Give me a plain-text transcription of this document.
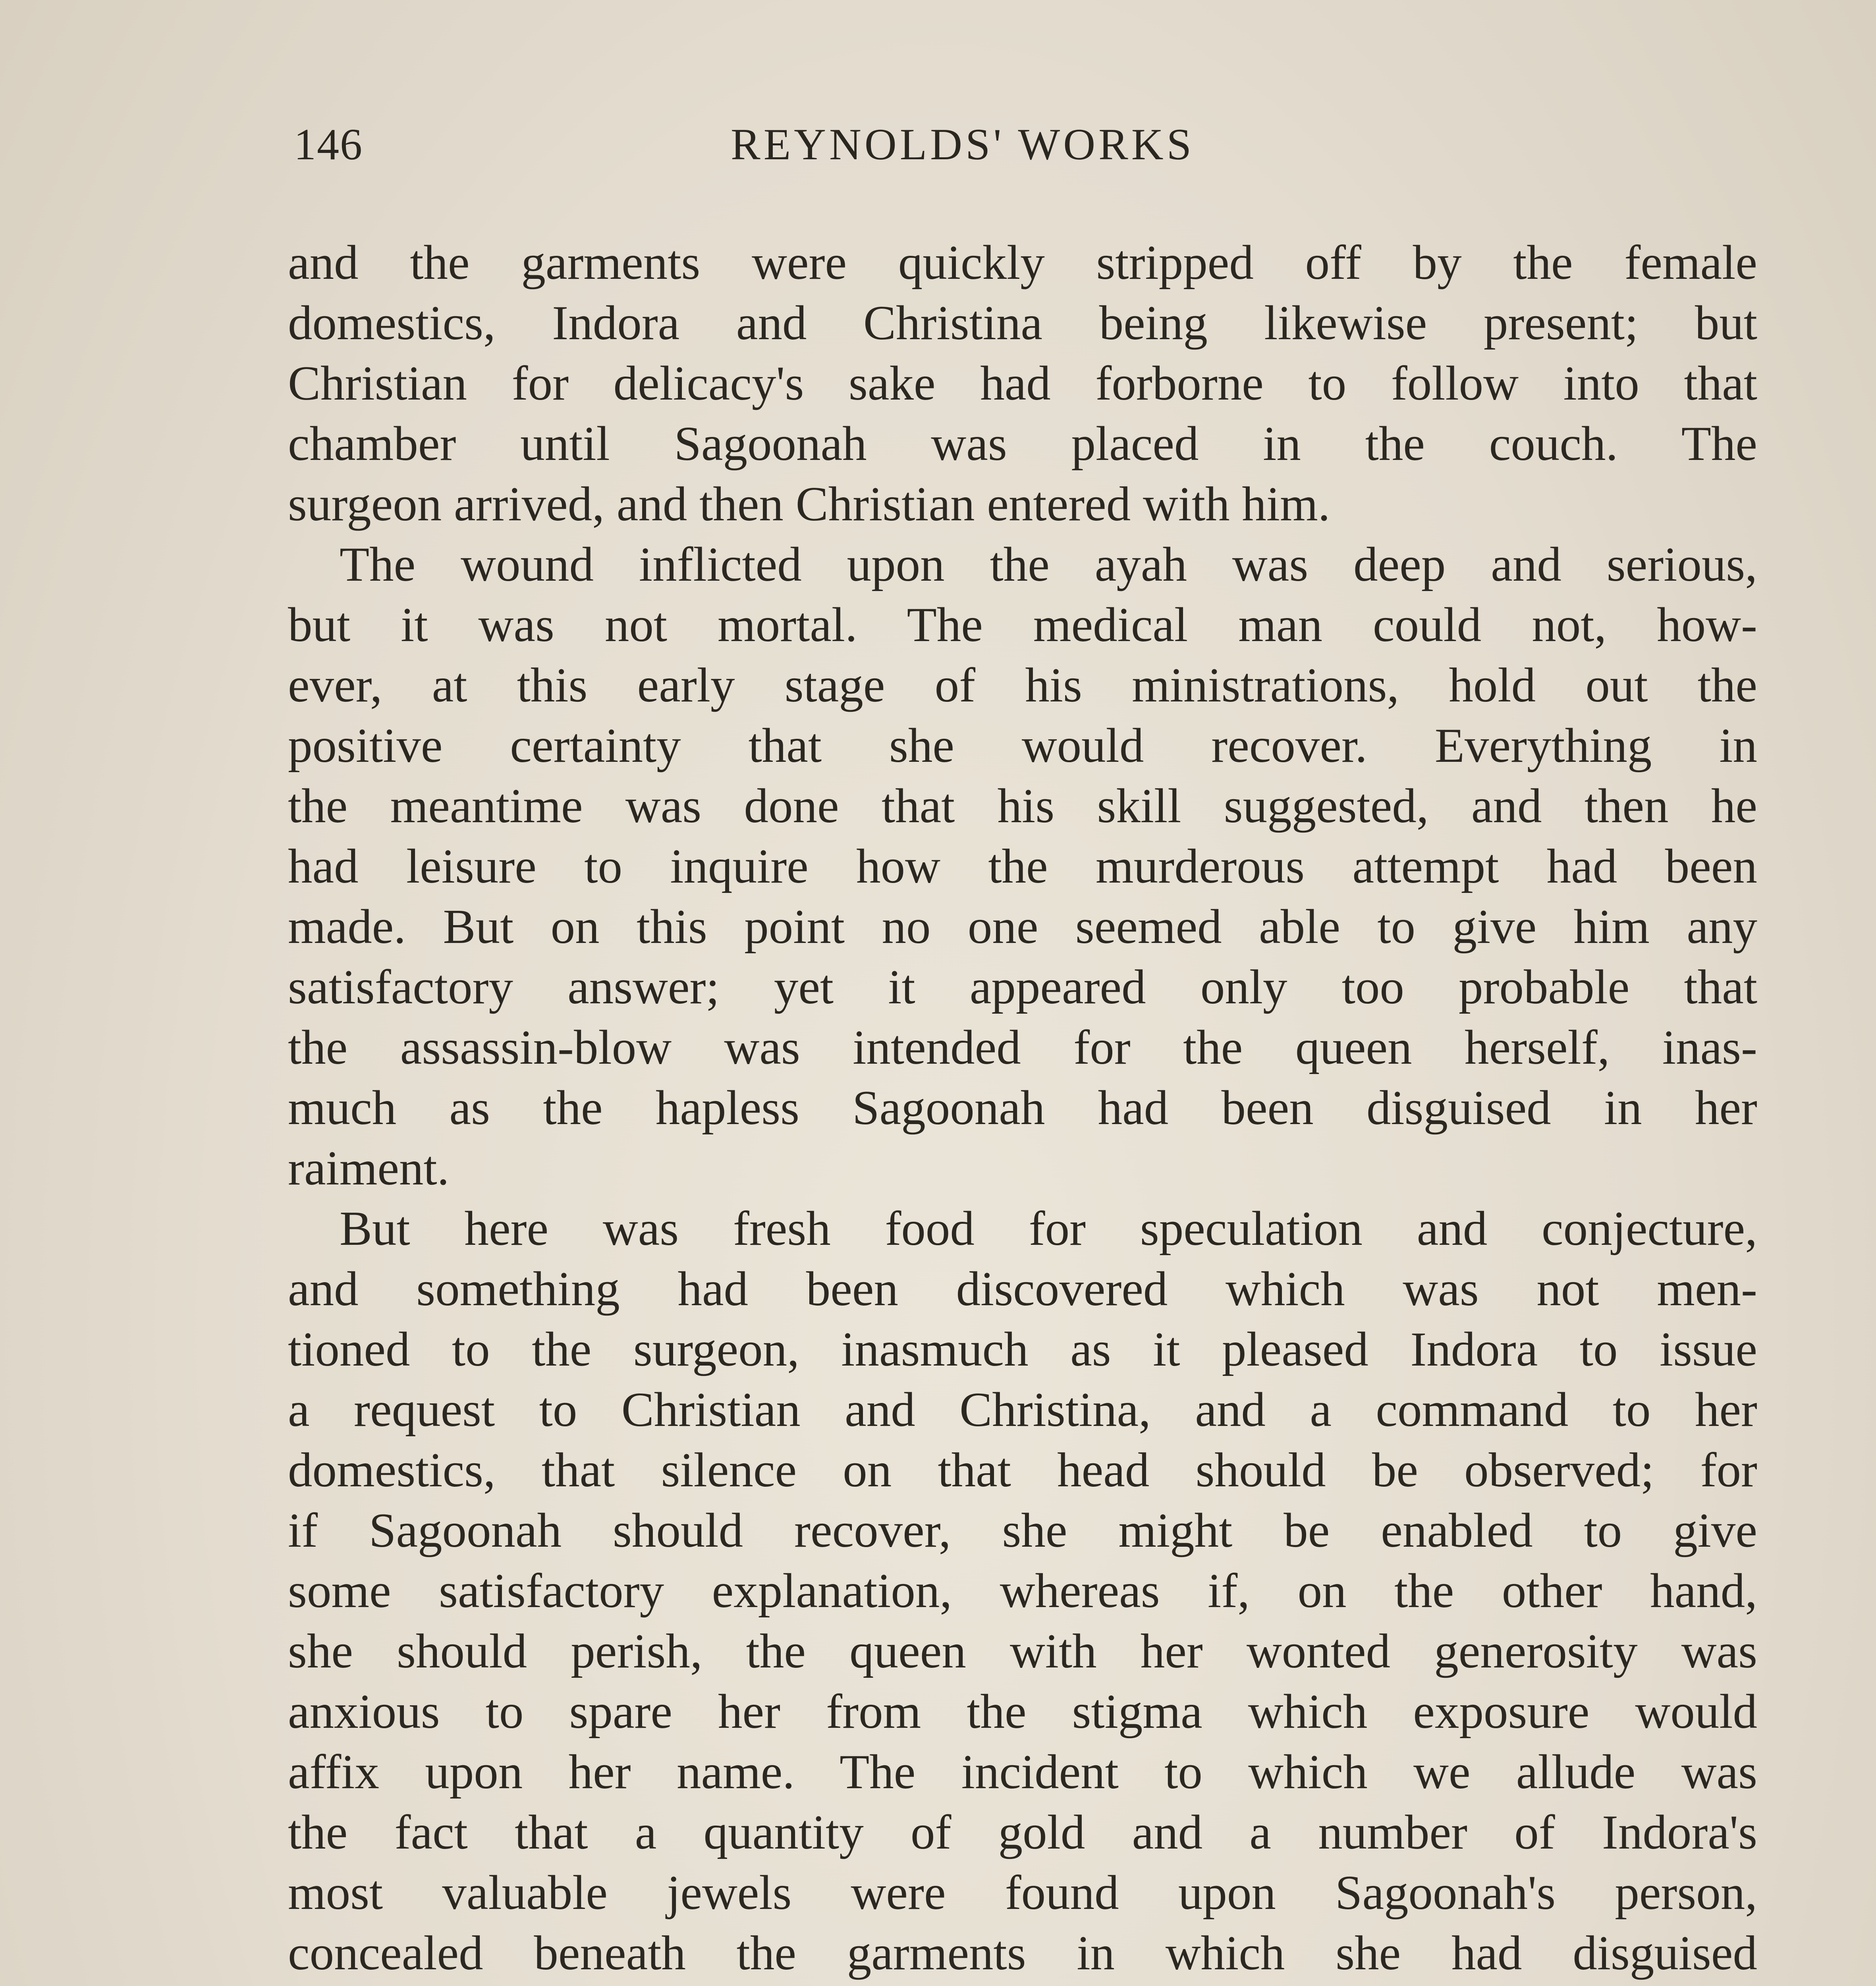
146	REYNOLDS' WORKS
and the garments were quickly stripped off by the female
domestics, Indora and Christina being likewise present; but
Christian for delicacy's sake had forborne to follow into that
chamber until Sagoonah was placed in the couch. The
surgeon arrived, and then Christian entered with him.
The wound inflicted upon the ayah was deep and serious,
but it was not mortal. The medical man could not, how-
ever, at this early stage of his ministrations, hold out the
positive certainty that she would recover. Everything in
the meantime was done that his skill suggested, and then he
had leisure to inquire how the murderous attempt had been
made. But on this point no one seemed able to give him any
satisfactory answer; yet it appeared only too probable that
the assassin-blow was intended for the queen herself, inas-
much as the hapless Sagoonah had been disguised in her
raiment.
But here was fresh food for speculation and conjecture,
and something had been discovered which was not men-
tioned to the surgeon, inasmuch as it pleased Indora to issue
a request to Christian and Christina, and a command to her
domestics, that silence on that head should be observed; for
if Sagoonah should recover, she might be enabled to give
some satisfactory explanation, whereas if, on the other hand,
she should perish, the queen with her wonted generosity was
anxious to spare her from the stigma which exposure would
affix upon her name. The incident to which we allude was
the fact that a quantity of gold and a number of Indora's
most valuable jewels were found upon Sagoonah's person,
concealed beneath the garments in which she had disguised
